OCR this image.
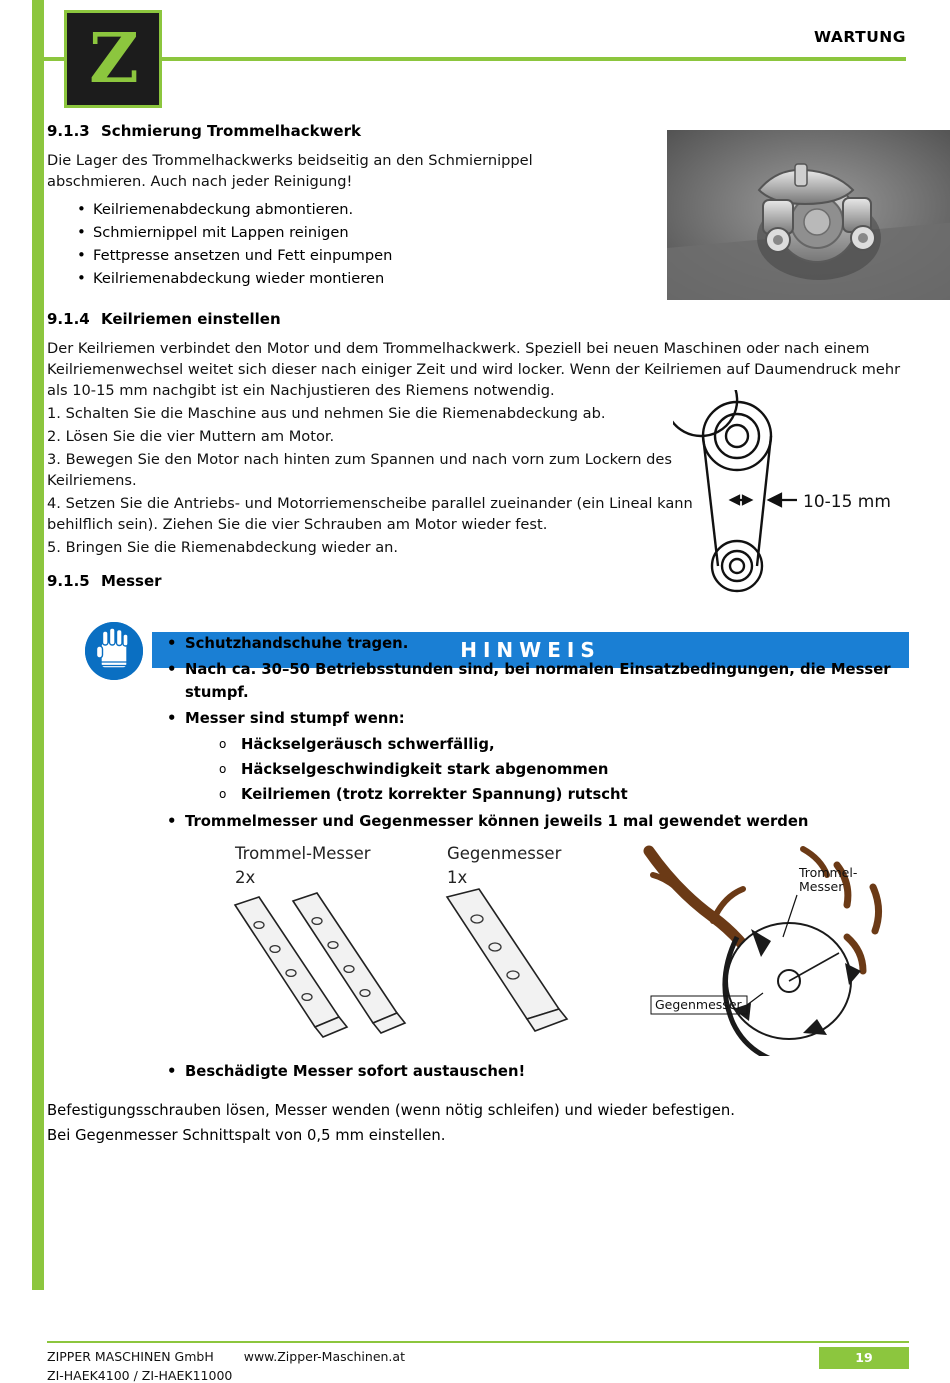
Z	WARTUNG
9.1.3 Schmierung Trommelhackwerk

Die Lager des Trommelhackwerks beidseitig an den Schmiernippel abschmieren. Auch nach jeder Reinigung!

• Keilriemenabdeckung abmontieren.
• Schmiernippel mit Lappen reinigen
• Fettpresse ansetzen und Fett einpumpen
• Keilriemenabdeckung wieder montieren
9.1.4 Keilriemen einstellen

Der Keilriemen verbindet den Motor und dem Trommelhackwerk. Speziell bei neuen Maschinen oder nach einem Keilriemenwechsel weitet sich dieser nach einiger Zeit und wird locker. Wenn der Keilriemen auf Daumendruck mehr als 10-15 mm nachgibt ist ein Nachjustieren des Riemens notwendig.

1. Schalten Sie die Maschine aus und nehmen Sie die Riemenabdeckung ab.

2. Lösen Sie die vier Muttern am Motor.

3. Bewegen Sie den Motor nach hinten zum Spannen und nach vorn zum Lockern des Keilriemens.

4. Setzen Sie die Antriebs- und Motorriemenscheibe parallel zueinander (ein Lineal kann behilflich sein). Ziehen Sie die vier Schrauben am Motor wieder fest.

5. Bringen Sie die Riemenabdeckung wieder an.

10-15 mm
9.1.5 Messer
HINWEIS
• Schutzhandschuhe tragen.
• Nach ca. 30–50 Betriebsstunden sind, bei normalen Einsatzbedingungen, die Messer stumpf.
• Messer sind stumpf wenn:
o Häckselgeräusch schwerfällig,
o Häckselgeschwindigkeit stark abgenommen
o Keilriemen (trotz korrekter Spannung) rutscht
• Trommelmesser und Gegenmesser können jeweils 1 mal gewendet werden
Trommel-Messer
2x
Gegenmesser
1x	Trommel-
Messer
Gegenmesser
• Beschädigte Messer sofort austauschen!

Befestigungsschrauben lösen, Messer wenden (wenn nötig schleifen) und wieder befestigen.

Bei Gegenmesser Schnittspalt von 0,5 mm einstellen.

ZIPPER MASCHINEN GmbH www.Zipper-Maschinen.at
ZI-HAEK4100 / ZI-HAEK11000
19
